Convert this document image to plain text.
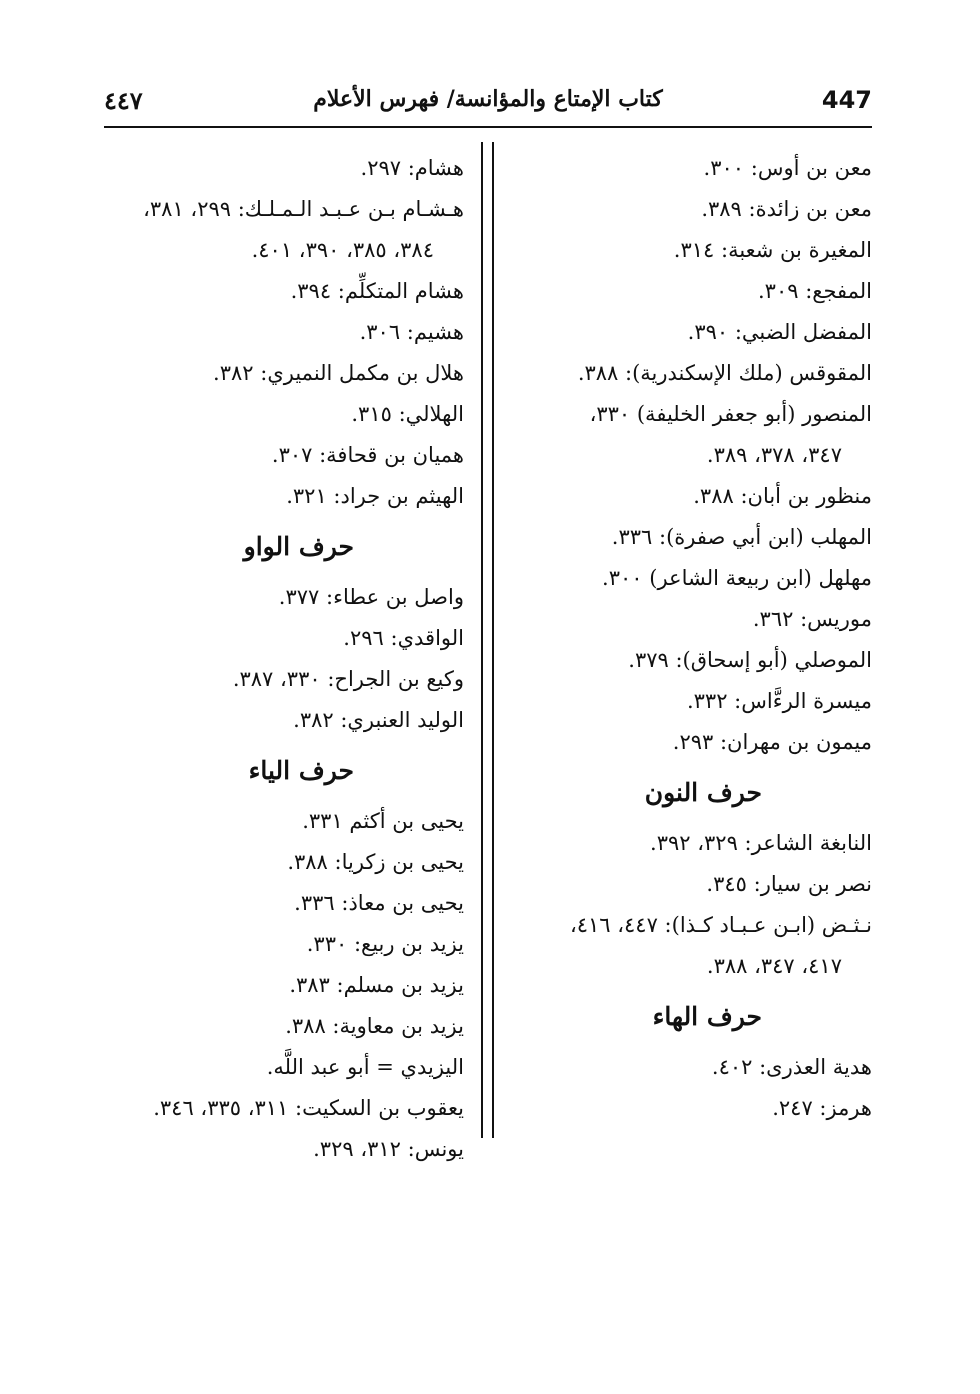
447
كتاب الإمتاع والمؤانسة/ فهرس الأعلام
٤٤٧
معن بن أوس: ٣٠٠.
معن بن زائدة: ٣٨٩.
المغيرة بن شعبة: ٣١٤.
المفجع: ٣٠٩.
المفضل الضبي: ٣٩٠.
المقوقس (ملك الإسكندرية): ٣٨٨.
المنصور (أبو جعفر الخليفة) ٣٣٠،
٣٤٧، ٣٧٨، ٣٨٩.
منظور بن أبان: ٣٨٨.
المهلب (ابن أبي صفرة): ٣٣٦.
مهلهل (ابن ربيعة الشاعر) ٣٠٠.
موريس: ٣٦٢.
الموصلي (أبو إسحاق): ٣٧٩.
ميسرة الرءَّاس: ٣٣٢.
ميمون بن مهران: ٢٩٣.
حرف النون
النابغة الشاعر: ٣٢٩، ٣٩٢.
نصر بن سيار: ٣٤٥.
نـثـض (ابـن عـبـاد كـذا): ٤٤٧، ٤١٦،
٤١٧، ٣٤٧، ٣٨٨.
حرف الهاء
هدية العذرى: ٤٠٢.
هرمز: ٢٤٧.
هشام: ٢٩٧.
هـشـام بـن عـبـد الـمـلـك: ٢٩٩، ٣٨١،
٣٨٤، ٣٨٥، ٣٩٠، ٤٠١.
هشام المتكلِّم: ٣٩٤.
هشيم: ٣٠٦.
هلال بن مكمل النميري: ٣٨٢.
الهلالي: ٣١٥.
هميان بن قحافة: ٣٠٧.
الهيثم بن جراد: ٣٢١.
حرف الواو
واصل بن عطاء: ٣٧٧.
الواقدي: ٢٩٦.
وكيع بن الجراح: ٣٣٠، ٣٨٧.
الوليد العنبري: ٣٨٢.
حرف الياء
يحيى بن أكثم ٣٣١.
يحيى بن زكريا: ٣٨٨.
يحيى بن معاذ: ٣٣٦.
يزيد بن ربيع: ٣٣٠.
يزيد بن مسلم: ٣٨٣.
يزيد بن معاوية: ٣٨٨.
اليزيدي = أبو عبد اللَّه.
يعقوب بن السكيت: ٣١١، ٣٣٥، ٣٤٦.
يونس: ٣١٢، ٣٢٩.
